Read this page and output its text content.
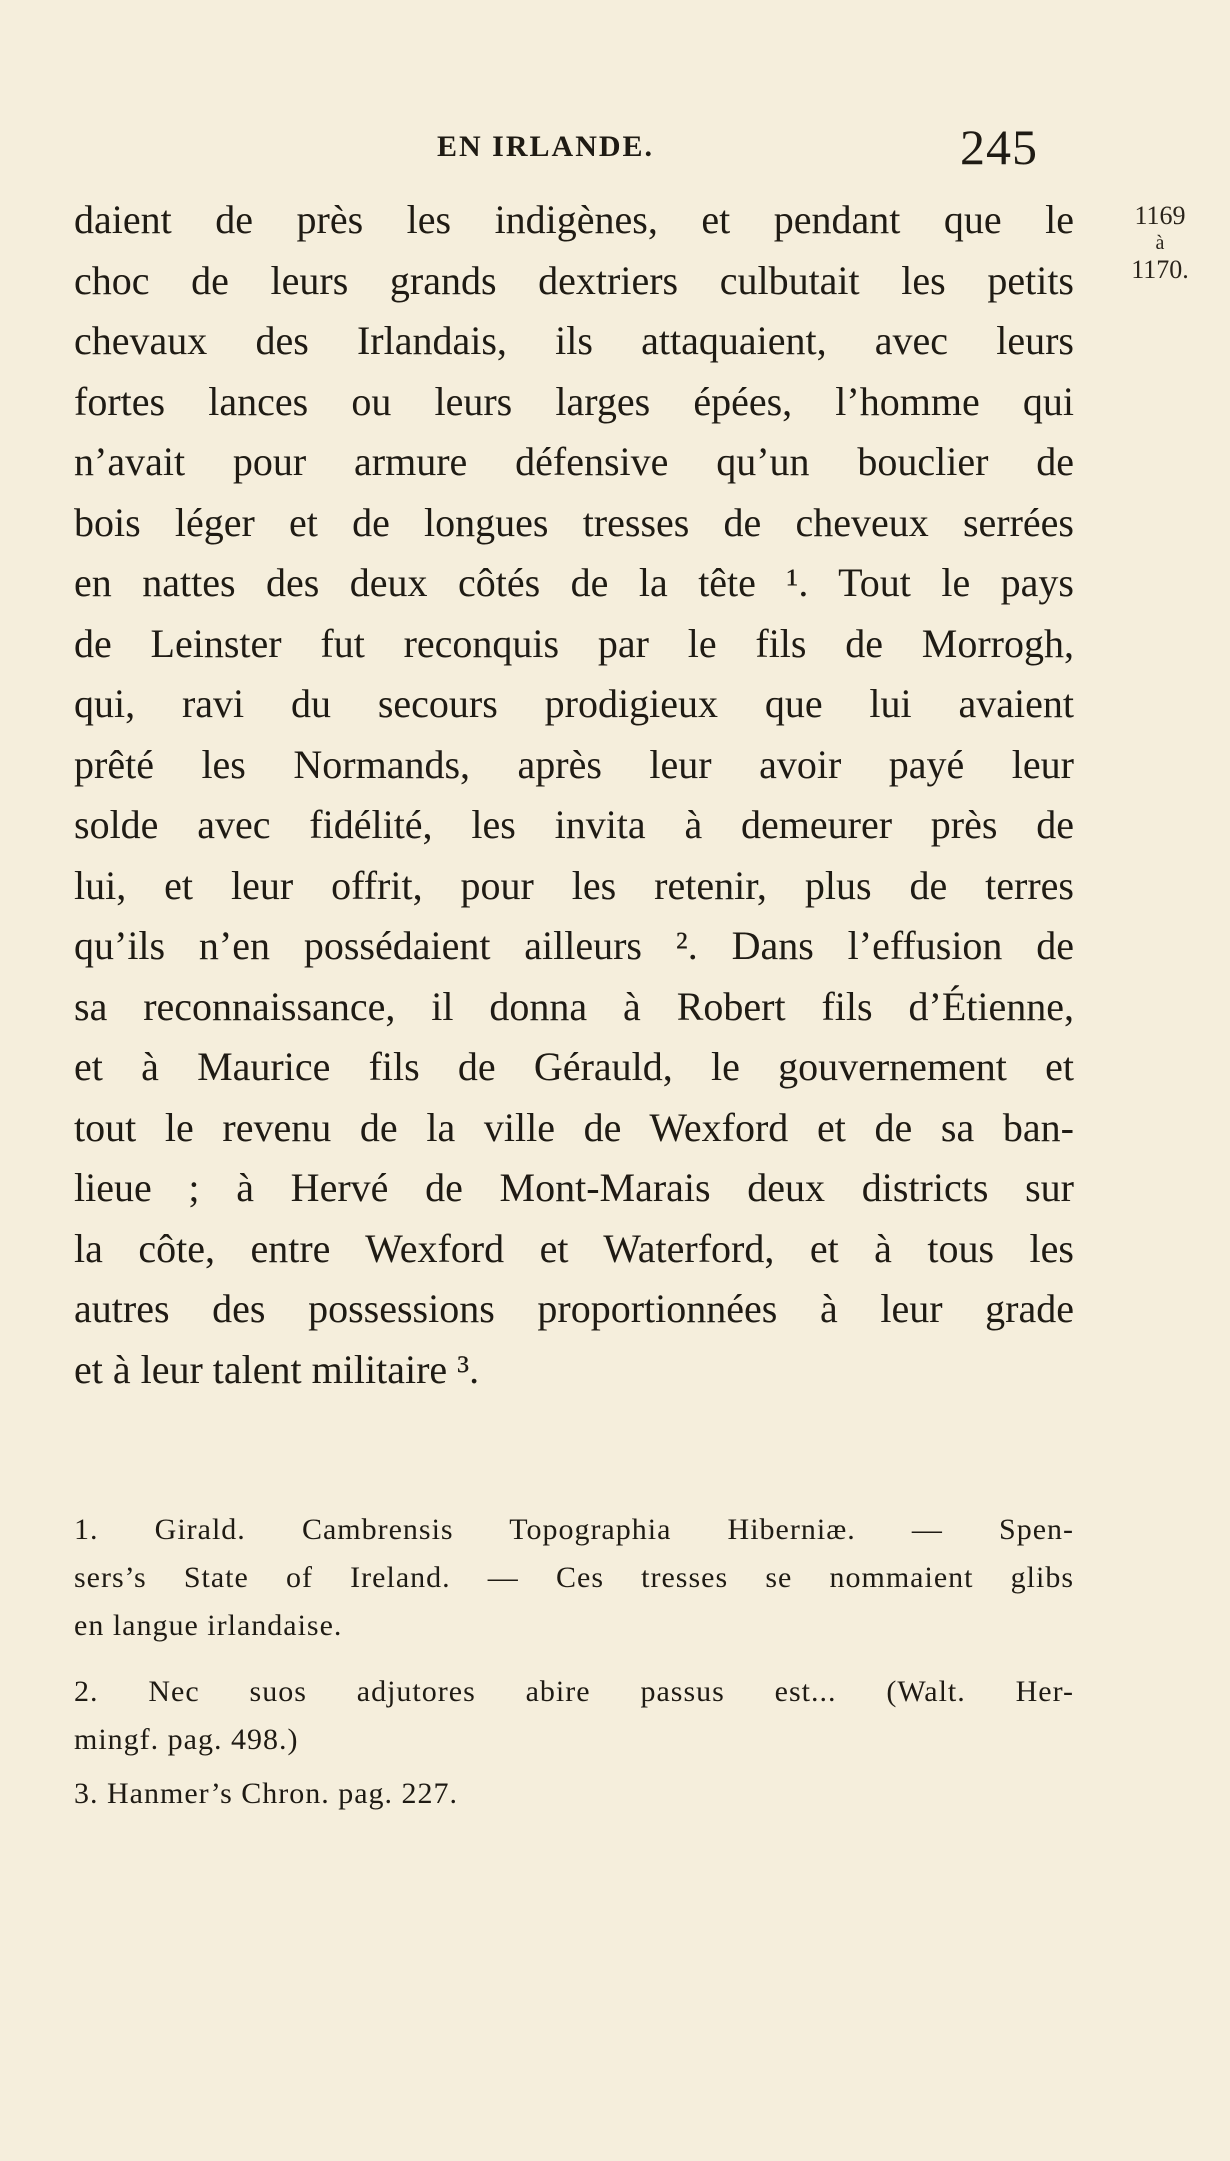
EN IRLANDE.	245
1169
à
1170.
daient de près les indigènes, et pendant que le
choc de leurs grands dextriers culbutait les petits
chevaux des Irlandais, ils attaquaient, avec leurs
fortes lances ou leurs larges épées, l’homme qui
n’avait pour armure défensive qu’un bouclier de
bois léger et de longues tresses de cheveux serrées
en nattes des deux côtés de la tête ¹. Tout le pays
de Leinster fut reconquis par le fils de Morrogh,
qui, ravi du secours prodigieux que lui avaient
prêté les Normands, après leur avoir payé leur
solde avec fidélité, les invita à demeurer près de
lui, et leur offrit, pour les retenir, plus de terres
qu’ils n’en possédaient ailleurs ². Dans l’effusion de
sa reconnaissance, il donna à Robert fils d’Étienne,
et à Maurice fils de Gérauld, le gouvernement et
tout le revenu de la ville de Wexford et de sa ban-
lieue ; à Hervé de Mont-Marais deux districts sur
la côte, entre Wexford et Waterford, et à tous les
autres des possessions proportionnées à leur grade
et à leur talent militaire ³.
1. Girald. Cambrensis Topographia Hiberniæ. — Spen-
sers’s State of Ireland. — Ces tresses se nommaient glibs
en langue irlandaise.
2. Nec suos adjutores abire passus est... (Walt. Her-
mingf. pag. 498.)
3. Hanmer’s Chron. pag. 227.
